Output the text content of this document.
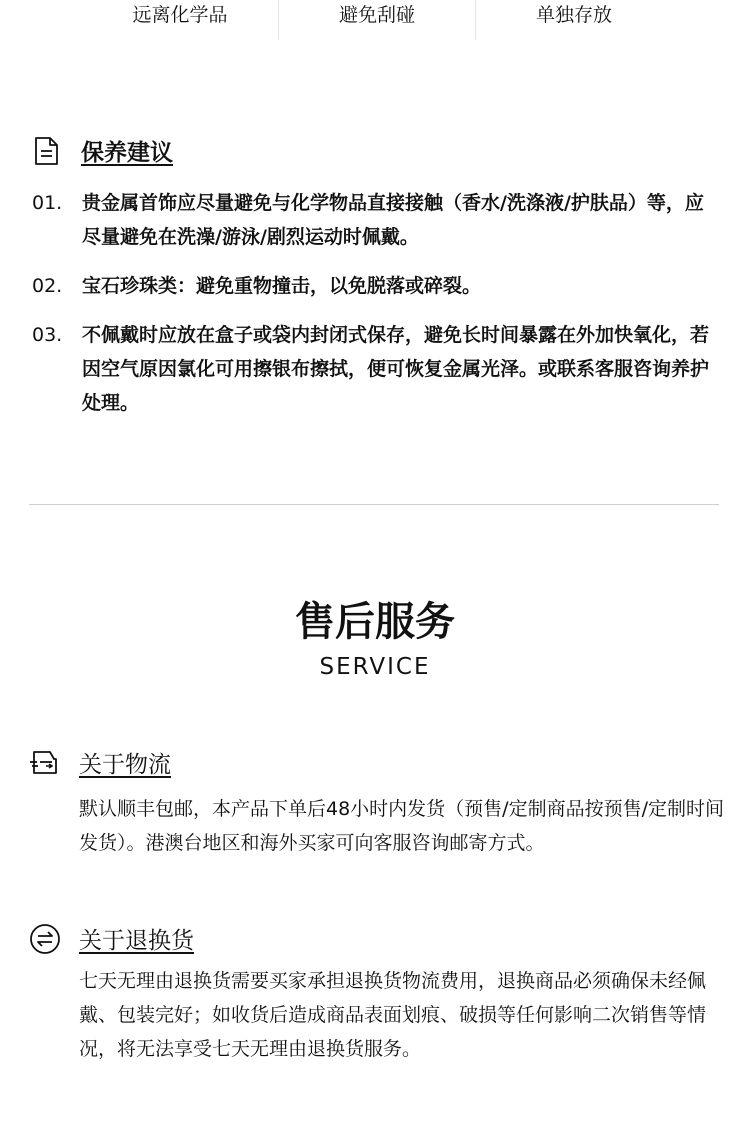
远离化学品	避免刮碰	单独存放
保养建议
01.	贵金属首饰应尽量避免与化学物品直接接触（香水/洗涤液/护肤品）等，应尽量避免在洗澡/游泳/剧烈运动时佩戴。
02.	宝石珍珠类：避免重物撞击，以免脱落或碎裂。
03.	不佩戴时应放在盒子或袋内封闭式保存，避免长时间暴露在外加快氧化，若因空气原因氯化可用擦银布擦拭，便可恢复金属光泽。或联系客服咨询养护处理。
售后服务
SERVICE
关于物流
默认顺丰包邮，本产品下单后48小时内发货（预售/定制商品按预售/定制时间发货）。港澳台地区和海外买家可向客服咨询邮寄方式。
关于退换货
七天无理由退换货需要买家承担退换货物流费用，退换商品必须确保未经佩戴、包装完好；如收货后造成商品表面划痕、破损等任何影响二次销售等情况，将无法享受七天无理由退换货服务。
